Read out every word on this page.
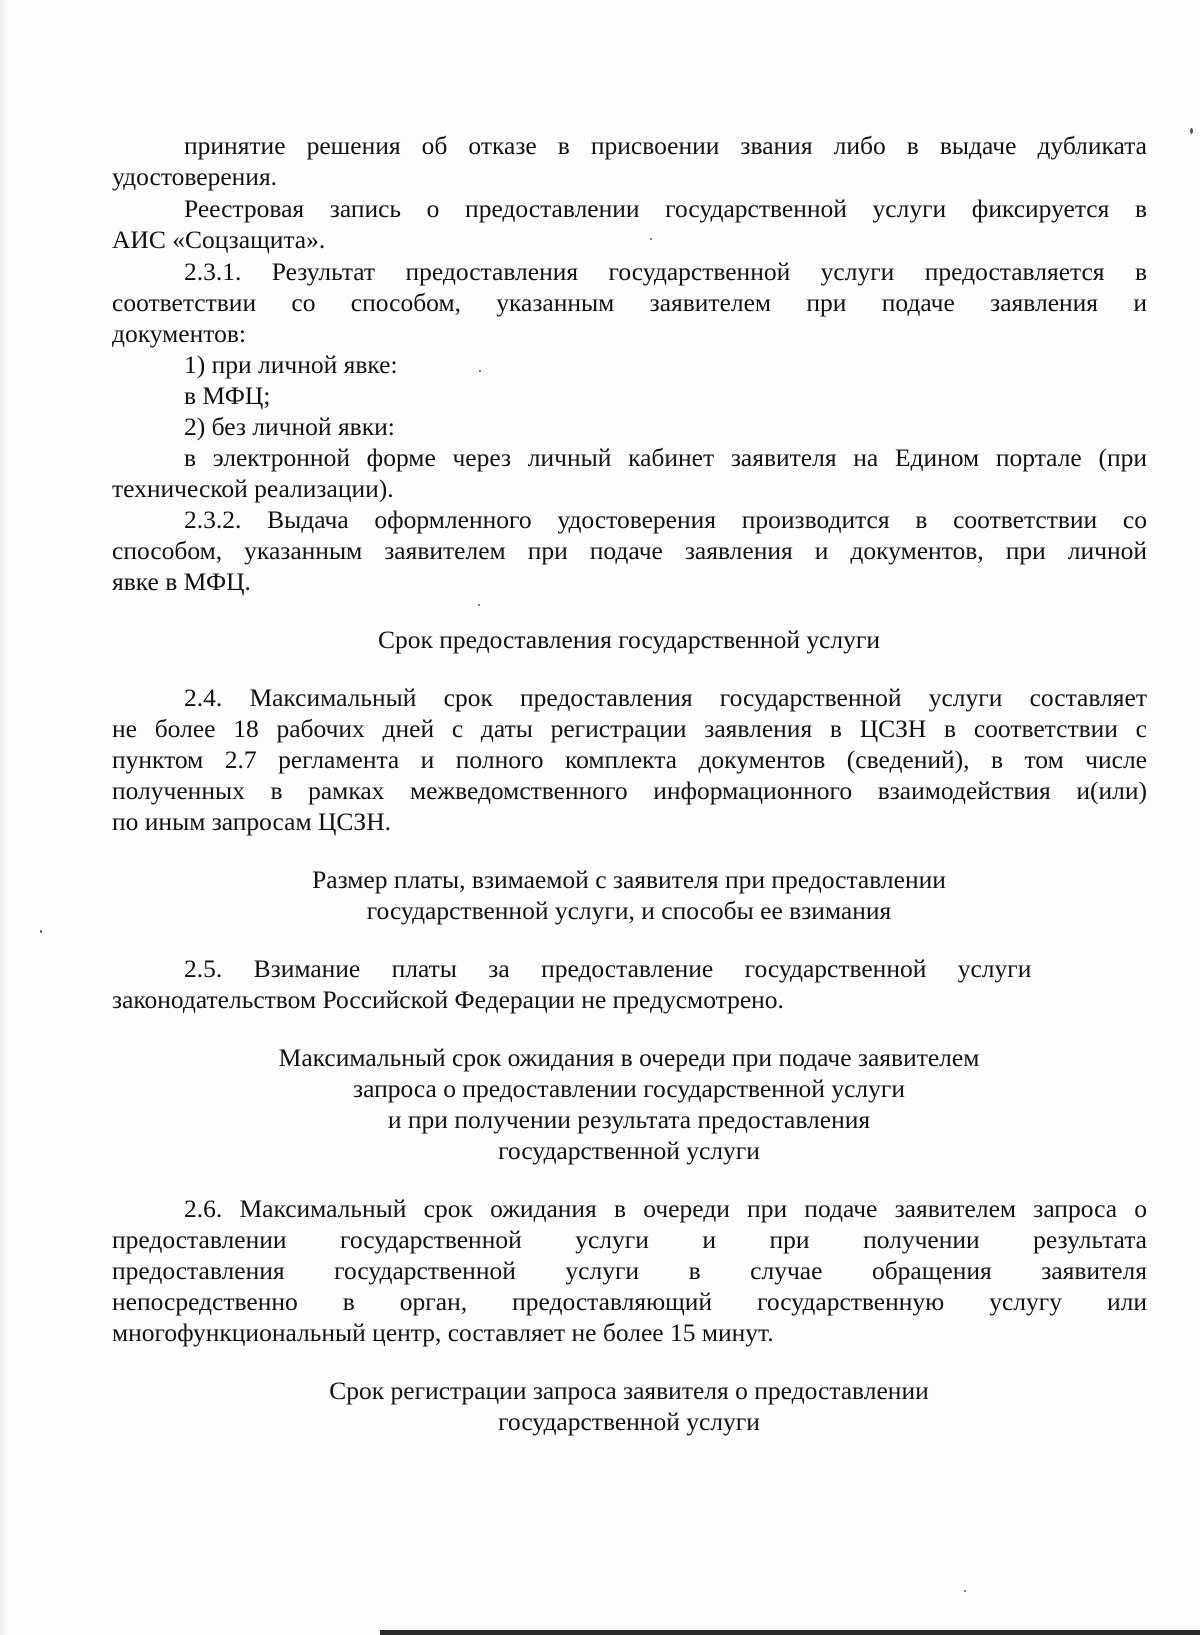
принятие решения об отказе в присвоении звания либо в выдаче дубликата
удостоверения.
Реестровая запись о предоставлении государственной услуги фиксируется в
АИС «Соцзащита».
2.3.1. Результат предоставления государственной услуги предоставляется в
соответствии со способом, указанным заявителем при подаче заявления и
документов:
1) при личной явке:
в МФЦ;
2) без личной явки:
в электронной форме через личный кабинет заявителя на Едином портале (при
технической реализации).
2.3.2. Выдача оформленного удостоверения производится в соответствии со
способом, указанным заявителем при подаче заявления и документов, при личной
явке в МФЦ.
Срок предоставления государственной услуги
2.4. Максимальный срок предоставления государственной услуги составляет
не более 18 рабочих дней с даты регистрации заявления в ЦСЗН в соответствии с
пунктом 2.7 регламента и полного комплекта документов (сведений), в том числе
полученных в рамках межведомственного информационного взаимодействия и(или)
по иным запросам ЦСЗН.
Размер платы, взимаемой с заявителя при предоставлении
государственной услуги, и способы ее взимания
2.5. Взимание платы за предоставление государственной услуги
законодательством Российской Федерации не предусмотрено.
Максимальный срок ожидания в очереди при подаче заявителем
запроса о предоставлении государственной услуги
и при получении результата предоставления
государственной услуги
2.6. Максимальный срок ожидания в очереди при подаче заявителем запроса о
предоставлении государственной услуги и при получении результата
предоставления государственной услуги в случае обращения заявителя
непосредственно в орган, предоставляющий государственную услугу или
многофункциональный центр, составляет не более 15 минут.
Срок регистрации запроса заявителя о предоставлении
государственной услуги
